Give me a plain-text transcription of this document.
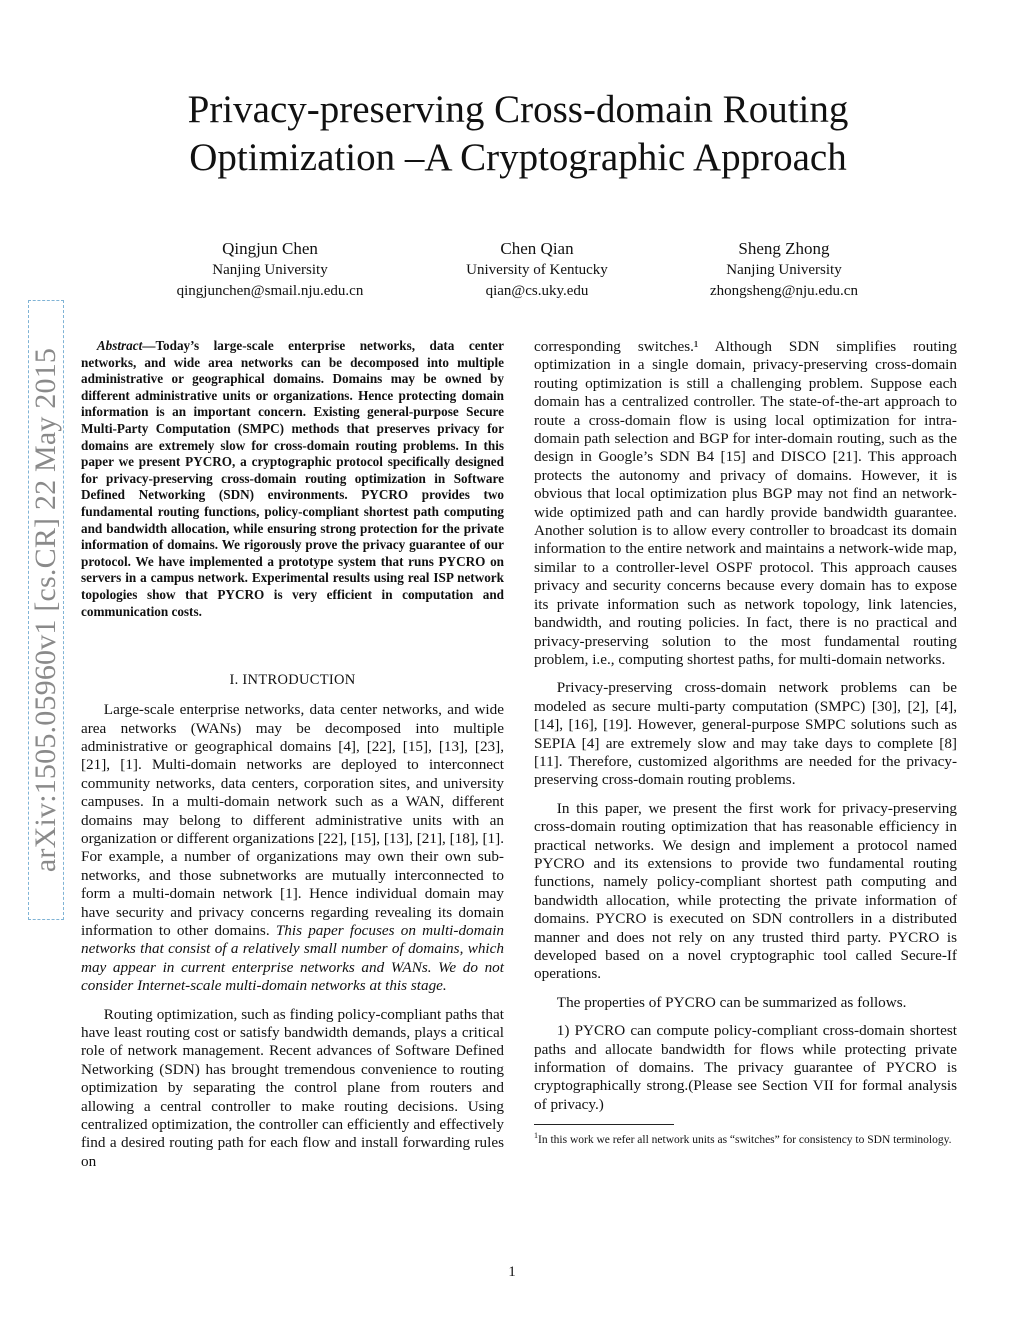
arXiv:1505.05960v1 [cs.CR] 22 May 2015
Privacy-preserving Cross-domain Routing
Optimization –A Cryptographic Approach
Qingjun Chen
Nanjing University
qingjunchen@smail.nju.edu.cn
Chen Qian
University of Kentucky
qian@cs.uky.edu
Sheng Zhong
Nanjing University
zhongsheng@nju.edu.cn

Abstract—Today’s large-scale enterprise networks, data center networks, and wide area networks can be decomposed into multiple administrative or geographical domains. Domains may be owned by different administrative units or organizations. Hence protecting domain information is an important concern. Existing general-purpose Secure Multi-Party Computation (SMPC) methods that preserves privacy for domains are extremely slow for cross-domain routing problems. In this paper we present PYCRO, a cryptographic protocol specifically designed for privacy-preserving cross-domain routing optimization in Software Defined Networking (SDN) environments. PYCRO provides two fundamental routing functions, policy-compliant shortest path computing and bandwidth allocation, while ensuring strong protection for the private information of domains. We rigorously prove the privacy guarantee of our protocol. We have implemented a prototype system that runs PYCRO on servers in a campus network. Experimental results using real ISP network topologies show that PYCRO is very efficient in computation and communication costs.

I. INTRODUCTION

Large-scale enterprise networks, data center networks, and wide area networks (WANs) may be decomposed into multiple administrative or geographical domains [4], [22], [15], [13], [23], [21], [1]. Multi-domain networks are deployed to interconnect community networks, data centers, corporation sites, and university campuses. In a multi-domain network such as a WAN, different domains may belong to different administrative units with an organization or different organizations [22], [15], [13], [21], [18], [1]. For example, a number of organizations may own their own sub-networks, and those subnetworks are mutually interconnected to form a multi-domain network [1]. Hence individual domain may have security and privacy concerns regarding revealing its domain information to other domains. This paper focuses on multi-domain networks that consist of a relatively small number of domains, which may appear in current enterprise networks and WANs. We do not consider Internet-scale multi-domain networks at this stage.

Routing optimization, such as finding policy-compliant paths that have least routing cost or satisfy bandwidth demands, plays a critical role of network management. Recent advances of Software Defined Networking (SDN) has brought tremendous convenience to routing optimization by separating the control plane from routers and allowing a central controller to make routing decisions. Using centralized optimization, the controller can efficiently and effectively find a desired routing path for each flow and install forwarding rules on

corresponding switches.¹ Although SDN simplifies routing optimization in a single domain, privacy-preserving cross-domain routing optimization is still a challenging problem. Suppose each domain has a centralized controller. The state-of-the-art approach to route a cross-domain flow is using local optimization for intra-domain path selection and BGP for inter-domain routing, such as the design in Google’s SDN B4 [15] and DISCO [21]. This approach protects the autonomy and privacy of domains. However, it is obvious that local optimization plus BGP may not find an network-wide optimized path and can hardly provide bandwidth guarantee. Another solution is to allow every controller to broadcast its domain information to the entire network and maintains a network-wide map, similar to a controller-level OSPF protocol. This approach causes privacy and security concerns because every domain has to expose its private information such as network topology, link latencies, bandwidth, and routing policies. In fact, there is no practical and privacy-preserving solution to the most fundamental routing problem, i.e., computing shortest paths, for multi-domain networks.

Privacy-preserving cross-domain network problems can be modeled as secure multi-party computation (SMPC) [30], [2], [4], [14], [16], [19]. However, general-purpose SMPC solutions such as SEPIA [4] are extremely slow and may take days to complete [8] [11]. Therefore, customized algorithms are needed for the privacy-preserving cross-domain routing problems.

In this paper, we present the first work for privacy-preserving cross-domain routing optimization that has reasonable efficiency in practical networks. We design and implement a protocol named PYCRO and its extensions to provide two fundamental routing functions, namely policy-compliant shortest path computing and bandwidth allocation, while protecting the private information of domains. PYCRO is executed on SDN controllers in a distributed manner and does not rely on any trusted third party. PYCRO is developed based on a novel cryptographic tool called Secure-If operations.

The properties of PYCRO can be summarized as follows.

1) PYCRO can compute policy-compliant cross-domain shortest paths and allocate bandwidth for flows while protecting private information of domains. The privacy guarantee of PYCRO is cryptographically strong.(Please see Section VII for formal analysis of privacy.)

$^1$In this work we refer all network units as “switches” for consistency to SDN terminology.

1
